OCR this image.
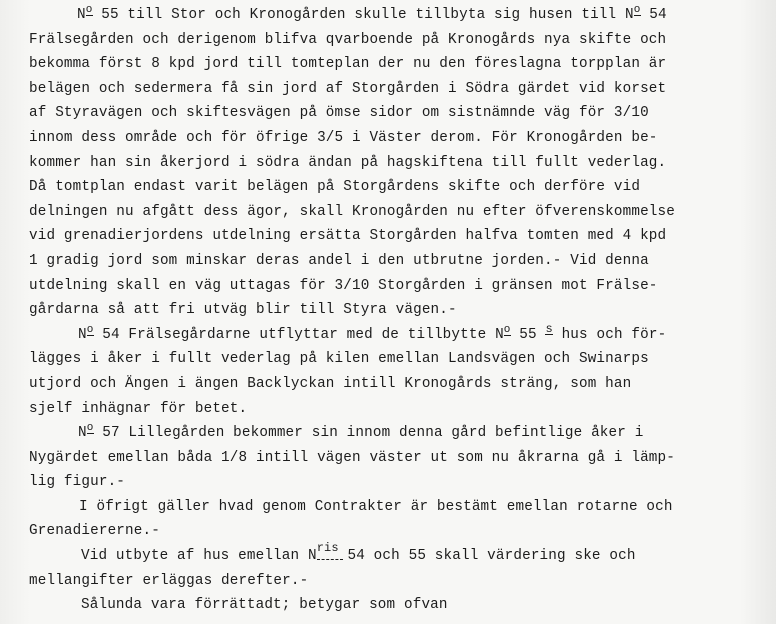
No 55 till Stor och Kronogården skulle tillbyta sig husen till No 54
Frälsegården och derigenom blifva qvarboende på Kronogårds nya skifte och
bekomma först 8 kpd jord till tomteplan der nu den föreslagna torpplan är
belägen och sedermera få sin jord af Storgården i Södra gärdet vid korset
af Styravägen och skiftesvägen på ömse sidor om sistnämnde väg för 3/10
innom dess område och för öfrige 3/5 i Väster derom. För Kronogården be-
kommer han sin åkerjord i södra ändan på hagskiftena till fullt vederlag.
Då tomtplan endast varit belägen på Storgårdens skifte och derföre vid
delningen nu afgått dess ägor, skall Kronogården nu efter öfverenskommelse
vid grenadierjordens utdelning ersätta Storgården halfva tomten med 4 kpd
1 gradig jord som minskar deras andel i den utbrutne jorden.- Vid denna
utdelning skall en väg uttagas för 3/10 Storgården i gränsen mot Frälse-
gårdarna så att fri utväg blir till Styra vägen.-
No 54 Frälsegårdarne utflyttar med de tillbytte No 55 s hus och för-
lägges i åker i fullt vederlag på kilen emellan Landsvägen och Swinarps
utjord och Ängen i ängen Backlyckan intill Kronogårds sträng, som han
sjelf inhägnar för betet.
No 57 Lillegården bekommer sin innom denna gård befintlige åker i
Nygärdet emellan båda 1/8 intill vägen väster ut som nu åkrarna gå i lämp-
lig figur.-
I öfrigt gäller hvad genom Contrakter är bestämt emellan rotarne och
Grenadiererne.-
Vid utbyte af hus emellan Nris
54 och 55 skall värdering ske och
mellangifter erläggas derefter.-
Sålunda vara förrättadt; betygar som ofvan
